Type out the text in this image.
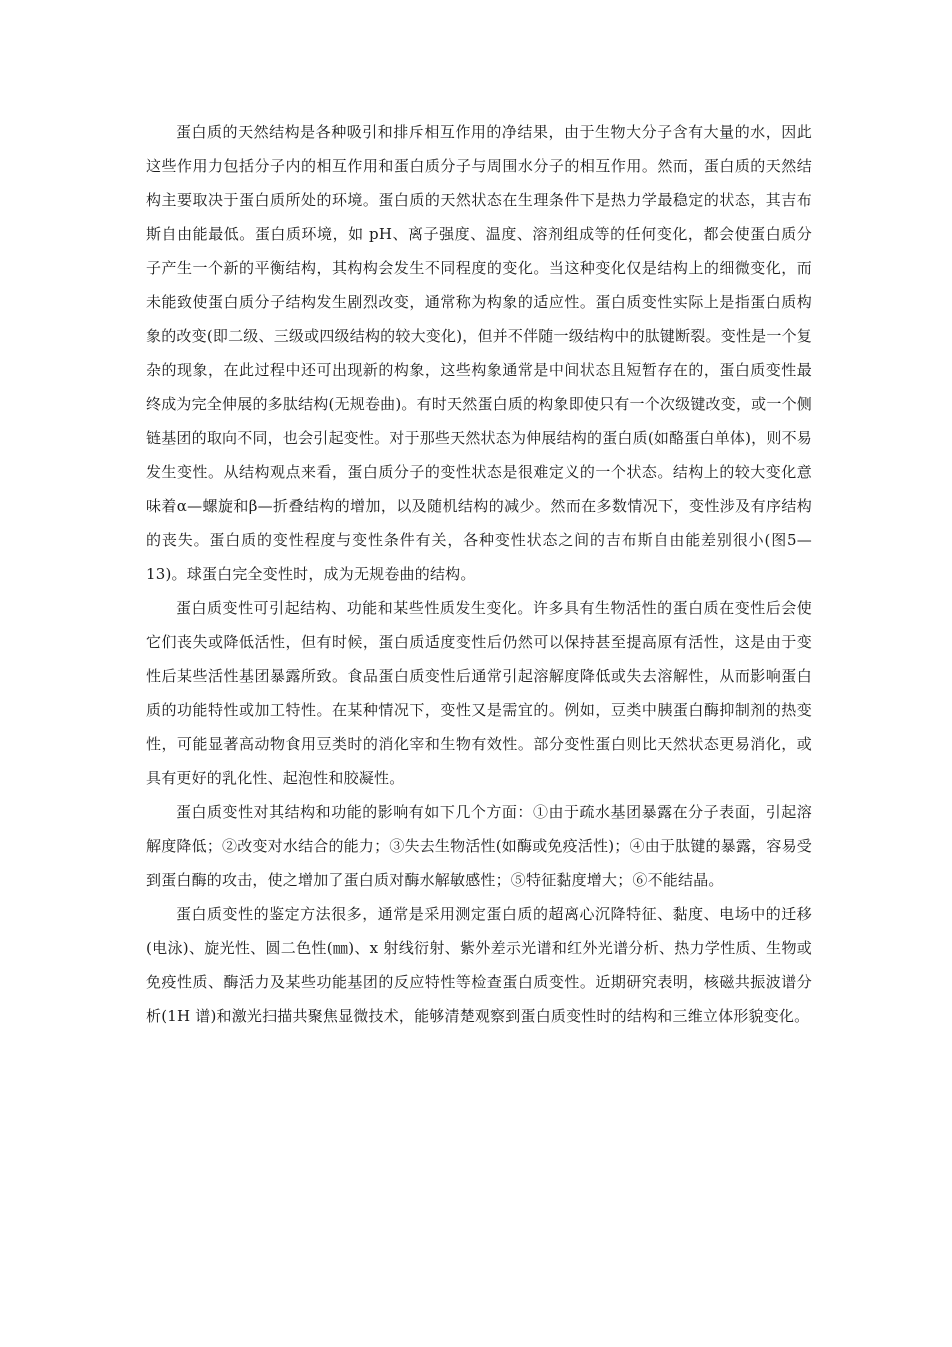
蛋白质的天然结构是各种吸引和排斥相互作用的净结果，由于生物大分子含有大量的水，因此这些作用力包括分子内的相互作用和蛋白质分子与周围水分子的相互作用。然而，蛋白质的天然结构主要取决于蛋白质所处的环境。蛋白质的天然状态在生理条件下是热力学最稳定的状态，其吉布斯自由能最低。蛋白质环境，如 pH、离子强度、温度、溶剂组成等的任何变化，都会使蛋白质分子产生一个新的平衡结构，其构构会发生不同程度的变化。当这种变化仅是结构上的细微变化，而未能致使蛋白质分子结构发生剧烈改变，通常称为构象的适应性。蛋白质变性实际上是指蛋白质构象的改变(即二级、三级或四级结构的较大变化)，但并不伴随一级结构中的肽键断裂。变性是一个复杂的现象，在此过程中还可出现新的构象，这些构象通常是中间状态且短暂存在的，蛋白质变性最终成为完全伸展的多肽结构(无规卷曲)。有时天然蛋白质的构象即使只有一个次级键改变，或一个侧链基团的取向不同，也会引起变性。对于那些天然状态为伸展结构的蛋白质(如酪蛋白单体)，则不易发生变性。从结构观点来看，蛋白质分子的变性状态是很难定义的一个状态。结构上的较大变化意味着α—螺旋和β—折叠结构的增加，以及随机结构的减少。然而在多数情况下，变性涉及有序结构的丧失。蛋白质的变性程度与变性条件有关，各种变性状态之间的吉布斯自由能差别很小(图5—13)。球蛋白完全变性时，成为无规卷曲的结构。

蛋白质变性可引起结构、功能和某些性质发生变化。许多具有生物活性的蛋白质在变性后会使它们丧失或降低活性，但有时候，蛋白质适度变性后仍然可以保持甚至提高原有活性，这是由于变性后某些活性基团暴露所致。食品蛋白质变性后通常引起溶解度降低或失去溶解性，从而影响蛋白质的功能特性或加工特性。在某种情况下，变性又是需宜的。例如，豆类中胰蛋白酶抑制剂的热变性，可能显著高动物食用豆类时的消化宰和生物有效性。部分变性蛋白则比天然状态更易消化，或具有更好的乳化性、起泡性和胶凝性。

蛋白质变性对其结构和功能的影响有如下几个方面：①由于疏水基团暴露在分子表面，引起溶解度降低；②改变对水结合的能力；③失去生物活性(如酶或免疫活性)；④由于肽键的暴露，容易受到蛋白酶的攻击，使之增加了蛋白质对酶水解敏感性；⑤特征黏度增大；⑥不能结晶。

蛋白质变性的鉴定方法很多，通常是采用测定蛋白质的超离心沉降特征、黏度、电场中的迁移(电泳)、旋光性、圆二色性(㎜)、x 射线衍射、紫外差示光谱和红外光谱分析、热力学性质、生物或免疫性质、酶活力及某些功能基团的反应特性等检查蛋白质变性。近期研究表明，核磁共振波谱分析(1H 谱)和激光扫描共聚焦显微技术，能够清楚观察到蛋白质变性时的结构和三维立体形貌变化。
